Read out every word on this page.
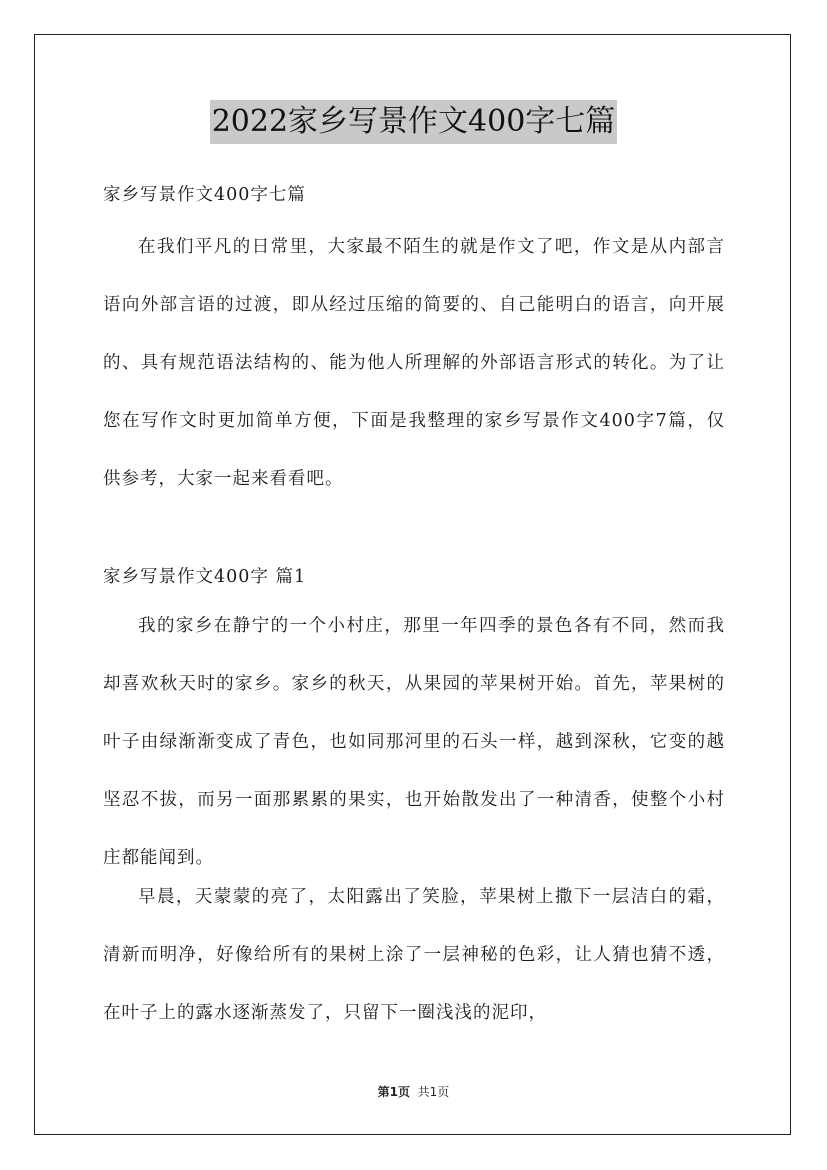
2022家乡写景作文400字七篇
家乡写景作文400字七篇
在我们平凡的日常里，大家最不陌生的就是作文了吧，作文是从内部言语向外部言语的过渡，即从经过压缩的简要的、自己能明白的语言，向开展的、具有规范语法结构的、能为他人所理解的外部语言形式的转化。为了让您在写作文时更加简单方便，下面是我整理的家乡写景作文400字7篇，仅供参考，大家一起来看看吧。
家乡写景作文400字 篇1
我的家乡在静宁的一个小村庄，那里一年四季的景色各有不同，然而我却喜欢秋天时的家乡。家乡的秋天，从果园的苹果树开始。首先，苹果树的叶子由绿渐渐变成了青色，也如同那河里的石头一样，越到深秋，它变的越坚忍不拔，而另一面那累累的果实，也开始散发出了一种清香，使整个小村庄都能闻到。
早晨，天蒙蒙的亮了，太阳露出了笑脸，苹果树上撒下一层洁白的霜，清新而明净，好像给所有的果树上涂了一层神秘的色彩，让人猜也猜不透，在叶子上的露水逐渐蒸发了，只留下一圈浅浅的泥印，
第1页 共1页
